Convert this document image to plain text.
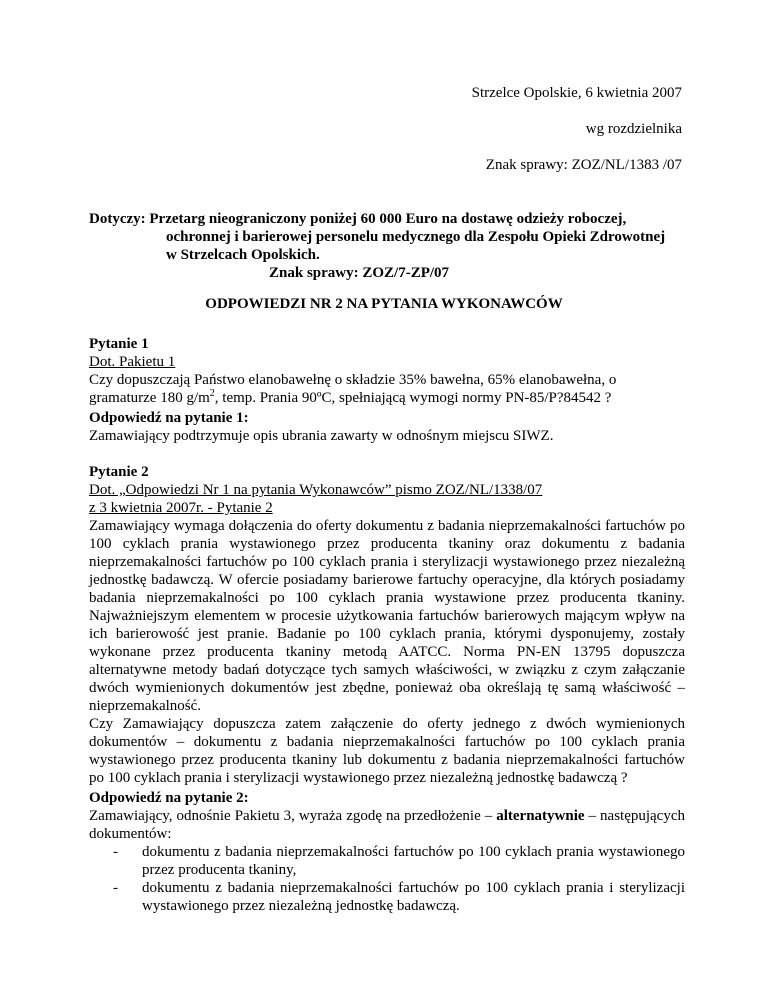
Strzelce Opolskie, 6 kwietnia 2007
wg rozdzielnika
Znak sprawy: ZOZ/NL/1383 /07
Dotyczy: Przetarg nieograniczony poniżej 60 000 Euro na dostawę odzieży roboczej,
ochronnej i barierowej personelu medycznego dla Zespołu Opieki Zdrowotnej
w Strzelcach Opolskich.
Znak sprawy: ZOZ/7-ZP/07
ODPOWIEDZI NR 2 NA PYTANIA WYKONAWCÓW
Pytanie 1
Dot. Pakietu 1
Czy dopuszczają Państwo elanobawełnę o składzie 35% bawełna, 65% elanobawełna, o
gramaturze 180 $g/m^2$, temp. Prania 90ºC, spełniającą wymogi normy PN-85/P?84542 ?
Odpowiedź na pytanie 1:
Zamawiający podtrzymuje opis ubrania zawarty w odnośnym miejscu SIWZ.
Pytanie 2
Dot. „Odpowiedzi Nr 1 na pytania Wykonawców” pismo ZOZ/NL/1338/07
z 3 kwietnia 2007r. - Pytanie 2
Zamawiający wymaga dołączenia do oferty dokumentu z badania nieprzemakalności fartuchów po 100 cyklach prania wystawionego przez producenta tkaniny oraz dokumentu z badania nieprzemakalności fartuchów po 100 cyklach prania i sterylizacji wystawionego przez niezależną jednostkę badawczą. W ofercie posiadamy barierowe fartuchy operacyjne, dla których posiadamy badania nieprzemakalności po 100 cyklach prania wystawione przez producenta tkaniny. Najważniejszym elementem w procesie użytkowania fartuchów barierowych mającym wpływ na ich barierowość jest pranie. Badanie po 100 cyklach prania, którymi dysponujemy, zostały wykonane przez producenta tkaniny metodą AATCC. Norma PN-EN 13795 dopuszcza alternatywne metody badań dotyczące tych samych właściwości, w związku z czym załączanie dwóch wymienionych dokumentów jest zbędne, ponieważ oba określają tę samą właściwość – nieprzemakalność.
Czy Zamawiający dopuszcza zatem załączenie do oferty jednego z dwóch wymienionych dokumentów – dokumentu z badania nieprzemakalności fartuchów po 100 cyklach prania wystawionego przez producenta tkaniny lub dokumentu z badania nieprzemakalności fartuchów po 100 cyklach prania i sterylizacji wystawionego przez niezależną jednostkę badawczą ?
Odpowiedź na pytanie 2:
Zamawiający, odnośnie Pakietu 3, wyraża zgodę na przedłożenie – alternatywnie – następujących dokumentów:
- dokumentu z badania nieprzemakalności fartuchów po 100 cyklach prania wystawionego przez producenta tkaniny,
- dokumentu z badania nieprzemakalności fartuchów po 100 cyklach prania i sterylizacji wystawionego przez niezależną jednostkę badawczą.
